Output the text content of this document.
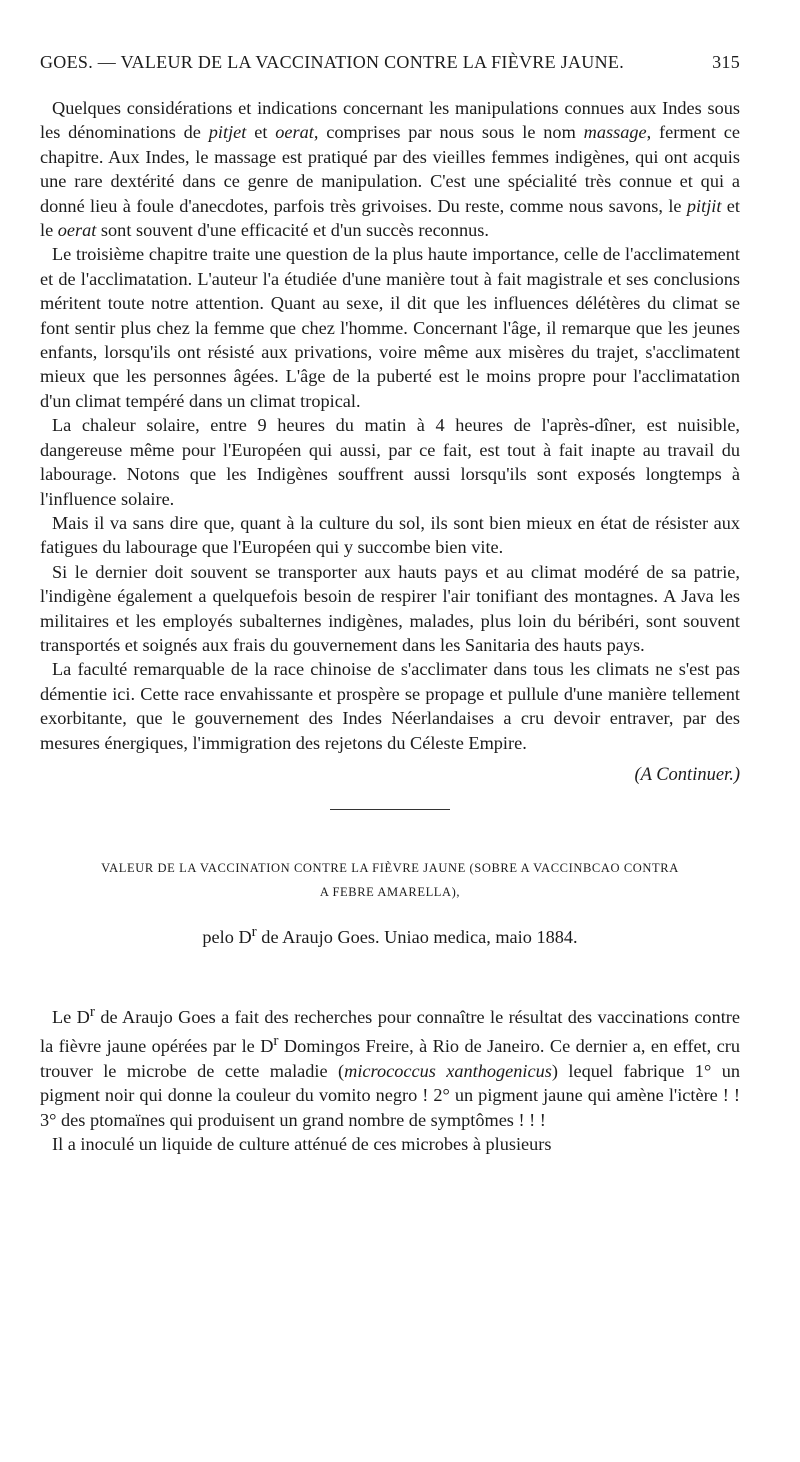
GOES. — VALEUR DE LA VACCINATION CONTRE LA FIÈVRE JAUNE.	315

Quelques considérations et indications concernant les manipulations connues aux Indes sous les dénominations de pitjet et oerat, comprises par nous sous le nom massage, ferment ce chapitre. Aux Indes, le massage est pratiqué par des vieilles femmes indigènes, qui ont acquis une rare dextérité dans ce genre de manipulation. C'est une spécialité très connue et qui a donné lieu à foule d'anecdotes, parfois très grivoises. Du reste, comme nous savons, le pitjit et le oerat sont souvent d'une efficacité et d'un succès reconnus.

Le troisième chapitre traite une question de la plus haute importance, celle de l'acclimatement et de l'acclimatation. L'auteur l'a étudiée d'une manière tout à fait magistrale et ses conclusions méritent toute notre attention. Quant au sexe, il dit que les influences délétères du climat se font sentir plus chez la femme que chez l'homme. Concernant l'âge, il remarque que les jeunes enfants, lorsqu'ils ont résisté aux privations, voire même aux misères du trajet, s'acclimatent mieux que les personnes âgées. L'âge de la puberté est le moins propre pour l'acclimatation d'un climat tempéré dans un climat tropical.

La chaleur solaire, entre 9 heures du matin à 4 heures de l'après-dîner, est nuisible, dangereuse même pour l'Européen qui aussi, par ce fait, est tout à fait inapte au travail du labourage. Notons que les Indigènes souffrent aussi lorsqu'ils sont exposés longtemps à l'influence solaire.

Mais il va sans dire que, quant à la culture du sol, ils sont bien mieux en état de résister aux fatigues du labourage que l'Européen qui y succombe bien vite.

Si le dernier doit souvent se transporter aux hauts pays et au climat modéré de sa patrie, l'indigène également a quelquefois besoin de respirer l'air tonifiant des montagnes. A Java les militaires et les employés subalternes indigènes, malades, plus loin du béribéri, sont souvent transportés et soignés aux frais du gouvernement dans les Sanitaria des hauts pays.

La faculté remarquable de la race chinoise de s'acclimater dans tous les climats ne s'est pas démentie ici. Cette race envahissante et prospère se propage et pullule d'une manière tellement exorbitante, que le gouvernement des Indes Néerlandaises a cru devoir entraver, par des mesures énergiques, l'immigration des rejetons du Céleste Empire.

(A Continuer.)
VALEUR DE LA VACCINATION CONTRE LA FIÈVRE JAUNE (SOBRE A VACCINBCAO CONTRA
A FEBRE AMARELLA),
pelo $D^r$ de Araujo Goes. Uniao medica, maio 1884.

Le $D^r$ de Araujo Goes a fait des recherches pour connaître le résultat des vaccinations contre la fièvre jaune opérées par le $D^r$ Domingos Freire, à Rio de Janeiro. Ce dernier a, en effet, cru trouver le microbe de cette maladie (micrococcus xanthogenicus) lequel fabrique 1° un pigment noir qui donne la couleur du vomito negro ! 2° un pigment jaune qui amène l'ictère ! ! 3° des ptomaïnes qui produisent un grand nombre de symptômes ! ! !

Il a inoculé un liquide de culture atténué de ces microbes à plusieurs
